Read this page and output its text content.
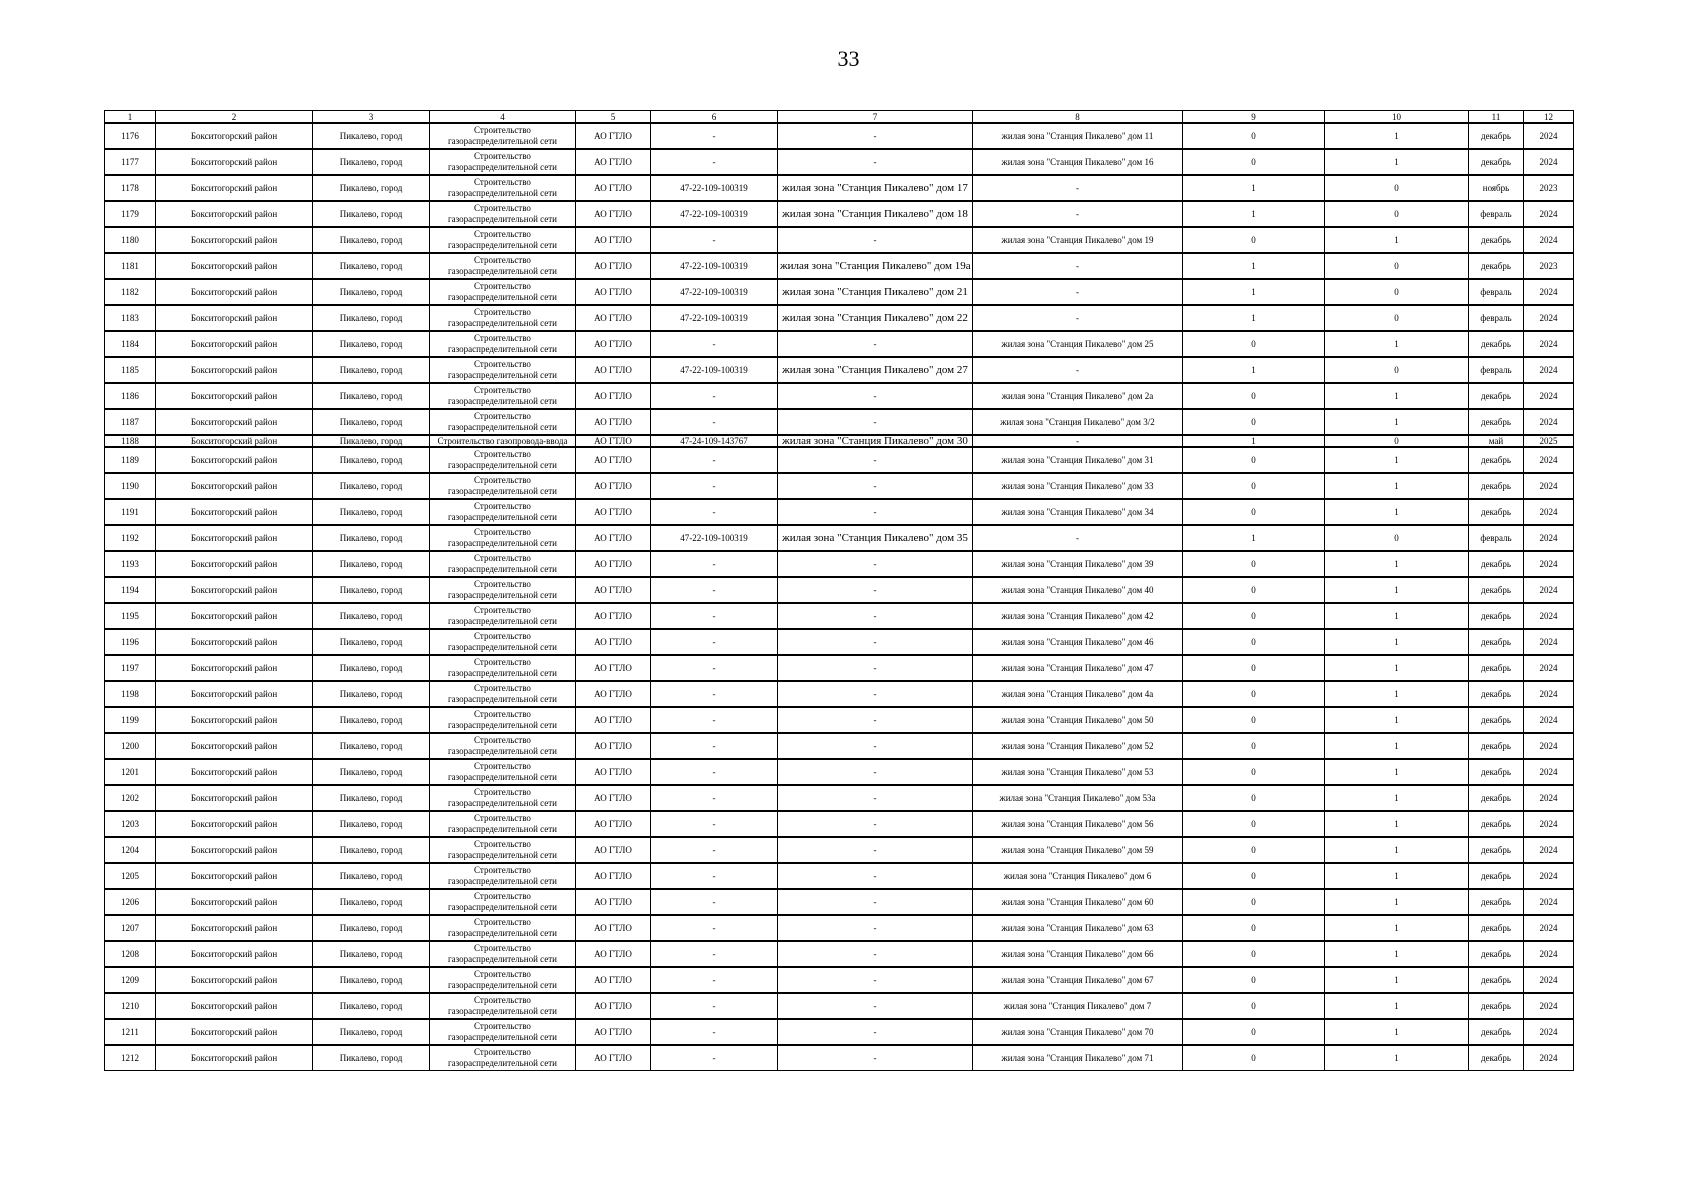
33
1	2	3	4	5	6	7	8	9	10	11	12
1176	Бокситогорский район	Пикалево, город	Строительство газораспределительной сети	АО ГТЛО	-	-	жилая зона "Станция Пикалево" дом 11	0	1	декабрь	2024
1177	Бокситогорский район	Пикалево, город	Строительство газораспределительной сети	АО ГТЛО	-	-	жилая зона "Станция Пикалево" дом 16	0	1	декабрь	2024
1178	Бокситогорский район	Пикалево, город	Строительство газораспределительной сети	АО ГТЛО	47-22-109-100319	жилая зона "Станция Пикалево" дом 17	-	1	0	ноябрь	2023
1179	Бокситогорский район	Пикалево, город	Строительство газораспределительной сети	АО ГТЛО	47-22-109-100319	жилая зона "Станция Пикалево" дом 18	-	1	0	февраль	2024
1180	Бокситогорский район	Пикалево, город	Строительство газораспределительной сети	АО ГТЛО	-	-	жилая зона "Станция Пикалево" дом 19	0	1	декабрь	2024
1181	Бокситогорский район	Пикалево, город	Строительство газораспределительной сети	АО ГТЛО	47-22-109-100319	жилая зона "Станция Пикалево" дом 19а	-	1	0	декабрь	2023
1182	Бокситогорский район	Пикалево, город	Строительство газораспределительной сети	АО ГТЛО	47-22-109-100319	жилая зона "Станция Пикалево" дом 21	-	1	0	февраль	2024
1183	Бокситогорский район	Пикалево, город	Строительство газораспределительной сети	АО ГТЛО	47-22-109-100319	жилая зона "Станция Пикалево" дом 22	-	1	0	февраль	2024
1184	Бокситогорский район	Пикалево, город	Строительство газораспределительной сети	АО ГТЛО	-	-	жилая зона "Станция Пикалево" дом 25	0	1	декабрь	2024
1185	Бокситогорский район	Пикалево, город	Строительство газораспределительной сети	АО ГТЛО	47-22-109-100319	жилая зона "Станция Пикалево" дом 27	-	1	0	февраль	2024
1186	Бокситогорский район	Пикалево, город	Строительство газораспределительной сети	АО ГТЛО	-	-	жилая зона "Станция Пикалево" дом 2а	0	1	декабрь	2024
1187	Бокситогорский район	Пикалево, город	Строительство газораспределительной сети	АО ГТЛО	-	-	жилая зона "Станция Пикалево" дом 3/2	0	1	декабрь	2024
1188	Бокситогорский район	Пикалево, город	Строительство газопровода-ввода	АО ГТЛО	47-24-109-143767	жилая зона "Станция Пикалево" дом 30	-	1	0	май	2025
1189	Бокситогорский район	Пикалево, город	Строительство газораспределительной сети	АО ГТЛО	-	-	жилая зона "Станция Пикалево" дом 31	0	1	декабрь	2024
1190	Бокситогорский район	Пикалево, город	Строительство газораспределительной сети	АО ГТЛО	-	-	жилая зона "Станция Пикалево" дом 33	0	1	декабрь	2024
1191	Бокситогорский район	Пикалево, город	Строительство газораспределительной сети	АО ГТЛО	-	-	жилая зона "Станция Пикалево" дом 34	0	1	декабрь	2024
1192	Бокситогорский район	Пикалево, город	Строительство газораспределительной сети	АО ГТЛО	47-22-109-100319	жилая зона "Станция Пикалево" дом 35	-	1	0	февраль	2024
1193	Бокситогорский район	Пикалево, город	Строительство газораспределительной сети	АО ГТЛО	-	-	жилая зона "Станция Пикалево" дом 39	0	1	декабрь	2024
1194	Бокситогорский район	Пикалево, город	Строительство газораспределительной сети	АО ГТЛО	-	-	жилая зона "Станция Пикалево" дом 40	0	1	декабрь	2024
1195	Бокситогорский район	Пикалево, город	Строительство газораспределительной сети	АО ГТЛО	-	-	жилая зона "Станция Пикалево" дом 42	0	1	декабрь	2024
1196	Бокситогорский район	Пикалево, город	Строительство газораспределительной сети	АО ГТЛО	-	-	жилая зона "Станция Пикалево" дом 46	0	1	декабрь	2024
1197	Бокситогорский район	Пикалево, город	Строительство газораспределительной сети	АО ГТЛО	-	-	жилая зона "Станция Пикалево" дом 47	0	1	декабрь	2024
1198	Бокситогорский район	Пикалево, город	Строительство газораспределительной сети	АО ГТЛО	-	-	жилая зона "Станция Пикалево" дом 4а	0	1	декабрь	2024
1199	Бокситогорский район	Пикалево, город	Строительство газораспределительной сети	АО ГТЛО	-	-	жилая зона "Станция Пикалево" дом 50	0	1	декабрь	2024
1200	Бокситогорский район	Пикалево, город	Строительство газораспределительной сети	АО ГТЛО	-	-	жилая зона "Станция Пикалево" дом 52	0	1	декабрь	2024
1201	Бокситогорский район	Пикалево, город	Строительство газораспределительной сети	АО ГТЛО	-	-	жилая зона "Станция Пикалево" дом 53	0	1	декабрь	2024
1202	Бокситогорский район	Пикалево, город	Строительство газораспределительной сети	АО ГТЛО	-	-	жилая зона "Станция Пикалево" дом 53а	0	1	декабрь	2024
1203	Бокситогорский район	Пикалево, город	Строительство газораспределительной сети	АО ГТЛО	-	-	жилая зона "Станция Пикалево" дом 56	0	1	декабрь	2024
1204	Бокситогорский район	Пикалево, город	Строительство газораспределительной сети	АО ГТЛО	-	-	жилая зона "Станция Пикалево" дом 59	0	1	декабрь	2024
1205	Бокситогорский район	Пикалево, город	Строительство газораспределительной сети	АО ГТЛО	-	-	жилая зона "Станция Пикалево" дом 6	0	1	декабрь	2024
1206	Бокситогорский район	Пикалево, город	Строительство газораспределительной сети	АО ГТЛО	-	-	жилая зона "Станция Пикалево" дом 60	0	1	декабрь	2024
1207	Бокситогорский район	Пикалево, город	Строительство газораспределительной сети	АО ГТЛО	-	-	жилая зона "Станция Пикалево" дом 63	0	1	декабрь	2024
1208	Бокситогорский район	Пикалево, город	Строительство газораспределительной сети	АО ГТЛО	-	-	жилая зона "Станция Пикалево" дом 66	0	1	декабрь	2024
1209	Бокситогорский район	Пикалево, город	Строительство газораспределительной сети	АО ГТЛО	-	-	жилая зона "Станция Пикалево" дом 67	0	1	декабрь	2024
1210	Бокситогорский район	Пикалево, город	Строительство газораспределительной сети	АО ГТЛО	-	-	жилая зона "Станция Пикалево" дом 7	0	1	декабрь	2024
1211	Бокситогорский район	Пикалево, город	Строительство газораспределительной сети	АО ГТЛО	-	-	жилая зона "Станция Пикалево" дом 70	0	1	декабрь	2024
1212	Бокситогорский район	Пикалево, город	Строительство газораспределительной сети	АО ГТЛО	-	-	жилая зона "Станция Пикалево" дом 71	0	1	декабрь	2024
